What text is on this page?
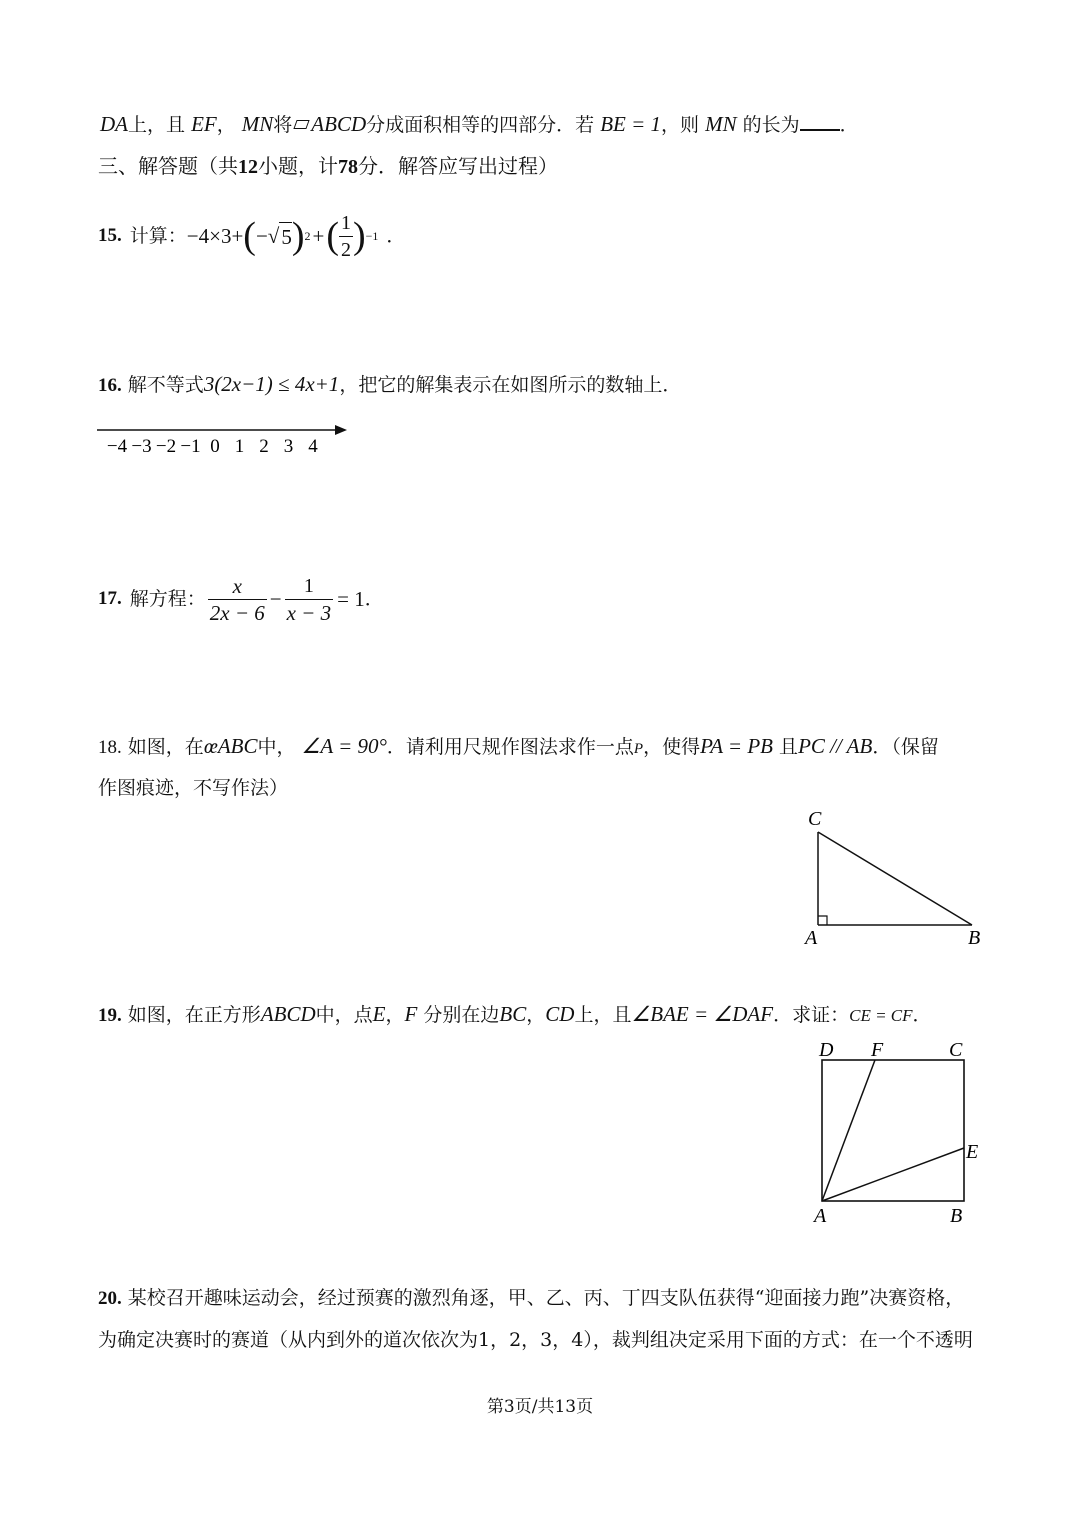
DA上，且 EF， MN将 ABCD分成面积相等的四部分．若 BE = 1，则 MN 的长为 ．
三、解答题（共12小题，计78分．解答应写出过程）
15. 计算： −4×3+ ( − √ 5 ) 2 + ( $\frac{1}{2}$ ) −1 ．
16. 解不等式3(2x−1) ≤ 4x+1，把它的解集表示在如图所示的数轴上．
−4 −3 −2 −1 0 1 2 3 4
17. 解方程： $\frac{x}{2x - 6} - \frac{1}{x - 3} = 1$ ．
18. 如图，在œABC中， ∠A = 90°．请利用尺规作图法求作一点P，使得PA = PB 且PC // AB．（保留
作图痕迹，不写作法）
C
A	B
19. 如图，在正方形ABCD中，点E，F 分别在边BC，CD上，且∠BAE = ∠DAF．求证：CE = CF．
D F	C
E
A	B
20. 某校召开趣味运动会，经过预赛的激烈角逐，甲、乙、丙、丁四支队伍获得“迎面接力跑”决赛资格，
为确定决赛时的赛道（从内到外的道次依次为1，2，3，4），裁判组决定采用下面的方式：在一个不透明
第3页/共13页
